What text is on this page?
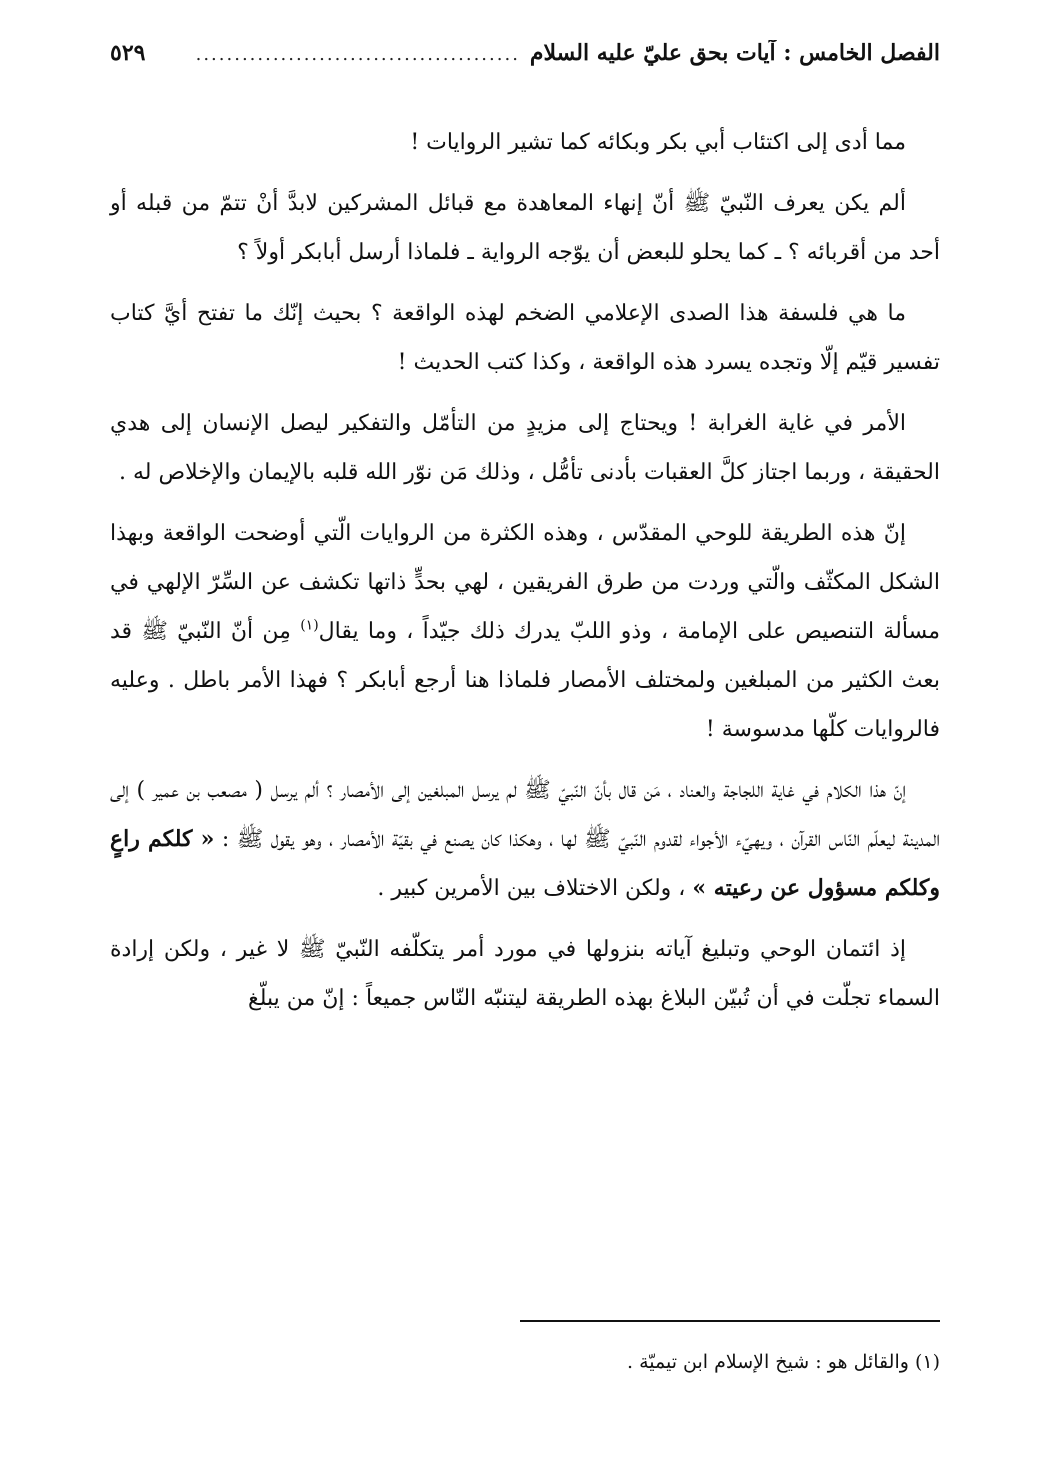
الفصل الخامس : آيات بحق عليّ عليه السلام
..........................................
٥٢٩

مما أدى إلى اكتئاب أبي بكر وبكائه كما تشير الروايات !

ألم يكن يعرف النّبيّ ﷺ أنّ إنهاء المعاهدة مع قبائل المشركين لابدَّ أنْ تتمّ من قبله أو أحد من أقربائه ؟ ـ كما يحلو للبعض أن يوّجه الرواية ـ فلماذا أرسل أبابكر أولاً ؟

ما هي فلسفة هذا الصدى الإعلامي الضخم لهذه الواقعة ؟ بحيث إنّك ما تفتح أيَّ كتاب تفسير قيّم إلّا وتجده يسرد هذه الواقعة ، وكذا كتب الحديث !

الأمر في غاية الغرابة ! ويحتاج إلى مزيدٍ من التأمّل والتفكير ليصل الإنسان إلى هدي الحقيقة ، وربما اجتاز كلَّ العقبات بأدنى تأمُّل ، وذلك مَن نوّر الله قلبه بالإيمان والإخلاص له .

إنّ هذه الطريقة للوحي المقدّس ، وهذه الكثرة من الروايات الّتي أوضحت الواقعة وبهذا الشكل المكثّف والّتي وردت من طرق الفريقين ، لهي بحدٍّ ذاتها تكشف عن السِّرّ الإلهي في مسألة التنصيص على الإمامة ، وذو اللبّ يدرك ذلك جيّداً ، وما يقال$^{(١)}$ مِن أنّ النّبيّ ﷺ قد بعث الكثير من المبلغين ولمختلف الأمصار فلماذا هنا أرجع أبابكر ؟ فهذا الأمر باطل . وعليه فالروايات كلّها مدسوسة !

إنّ هذا الكلام في غاية اللجاجة والعناد ، مَن قال بأنّ النّبيّ ﷺ لم يرسل المبلغين إلى الأمصار ؟ ألم يرسل ( مصعب بن عمير ) إلى المدينة ليعلّم النّاس القرآن ، ويهيّء الأجواء لقدوم النّبيّ ﷺ لها ، وهكذا كان يصنع في بقيّة الأمصار ، وهو يقول ﷺ : « كلكم راعٍ وكلكم مسؤول عن رعيته » ، ولكن الاختلاف بين الأمرين كبير .

إذ ائتمان الوحي وتبليغ آياته بنزولها في مورد أمر يتكلّفه النّبيّ ﷺ لا غير ، ولكن إرادة السماء تجلّت في أن تُبيّن البلاغ بهذه الطريقة ليتنبّه النّاس جميعاً : إنّ من يبلّغ

(١) والقائل هو : شيخ الإسلام ابن تيميّة .
